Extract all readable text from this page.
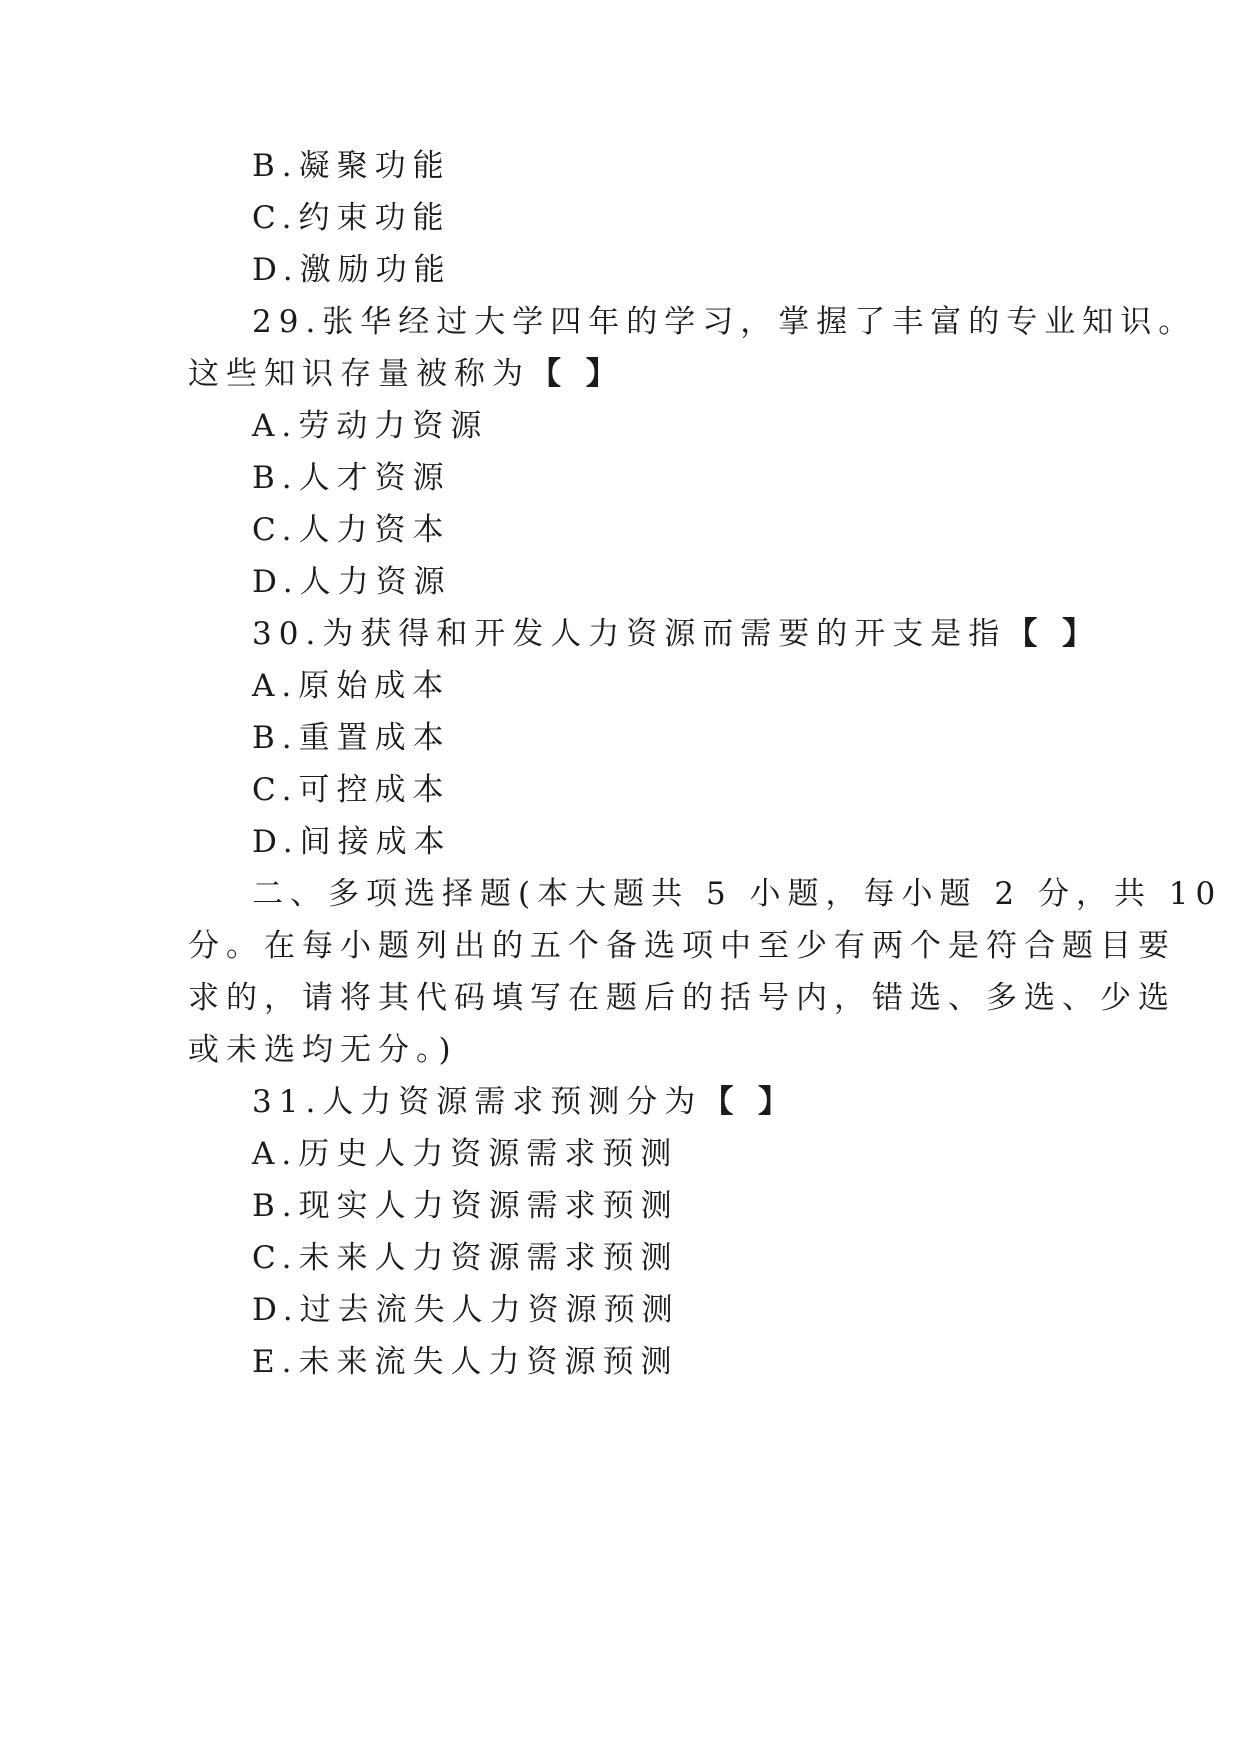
B.凝聚功能
C.约束功能
D.激励功能
29.张华经过大学四年的学习，掌握了丰富的专业知识。
这些知识存量被称为【 】
A.劳动力资源
B.人才资源
C.人力资本
D.人力资源
30.为获得和开发人力资源而需要的开支是指【 】
A.原始成本
B.重置成本
C.可控成本
D.间接成本
二、多项选择题(本大题共 5 小题，每小题 2 分，共 10
分。在每小题列出的五个备选项中至少有两个是符合题目要
求的，请将其代码填写在题后的括号内，错选、多选、少选
或未选均无分。)
31.人力资源需求预测分为【 】
A.历史人力资源需求预测
B.现实人力资源需求预测
C.未来人力资源需求预测
D.过去流失人力资源预测
E.未来流失人力资源预测
